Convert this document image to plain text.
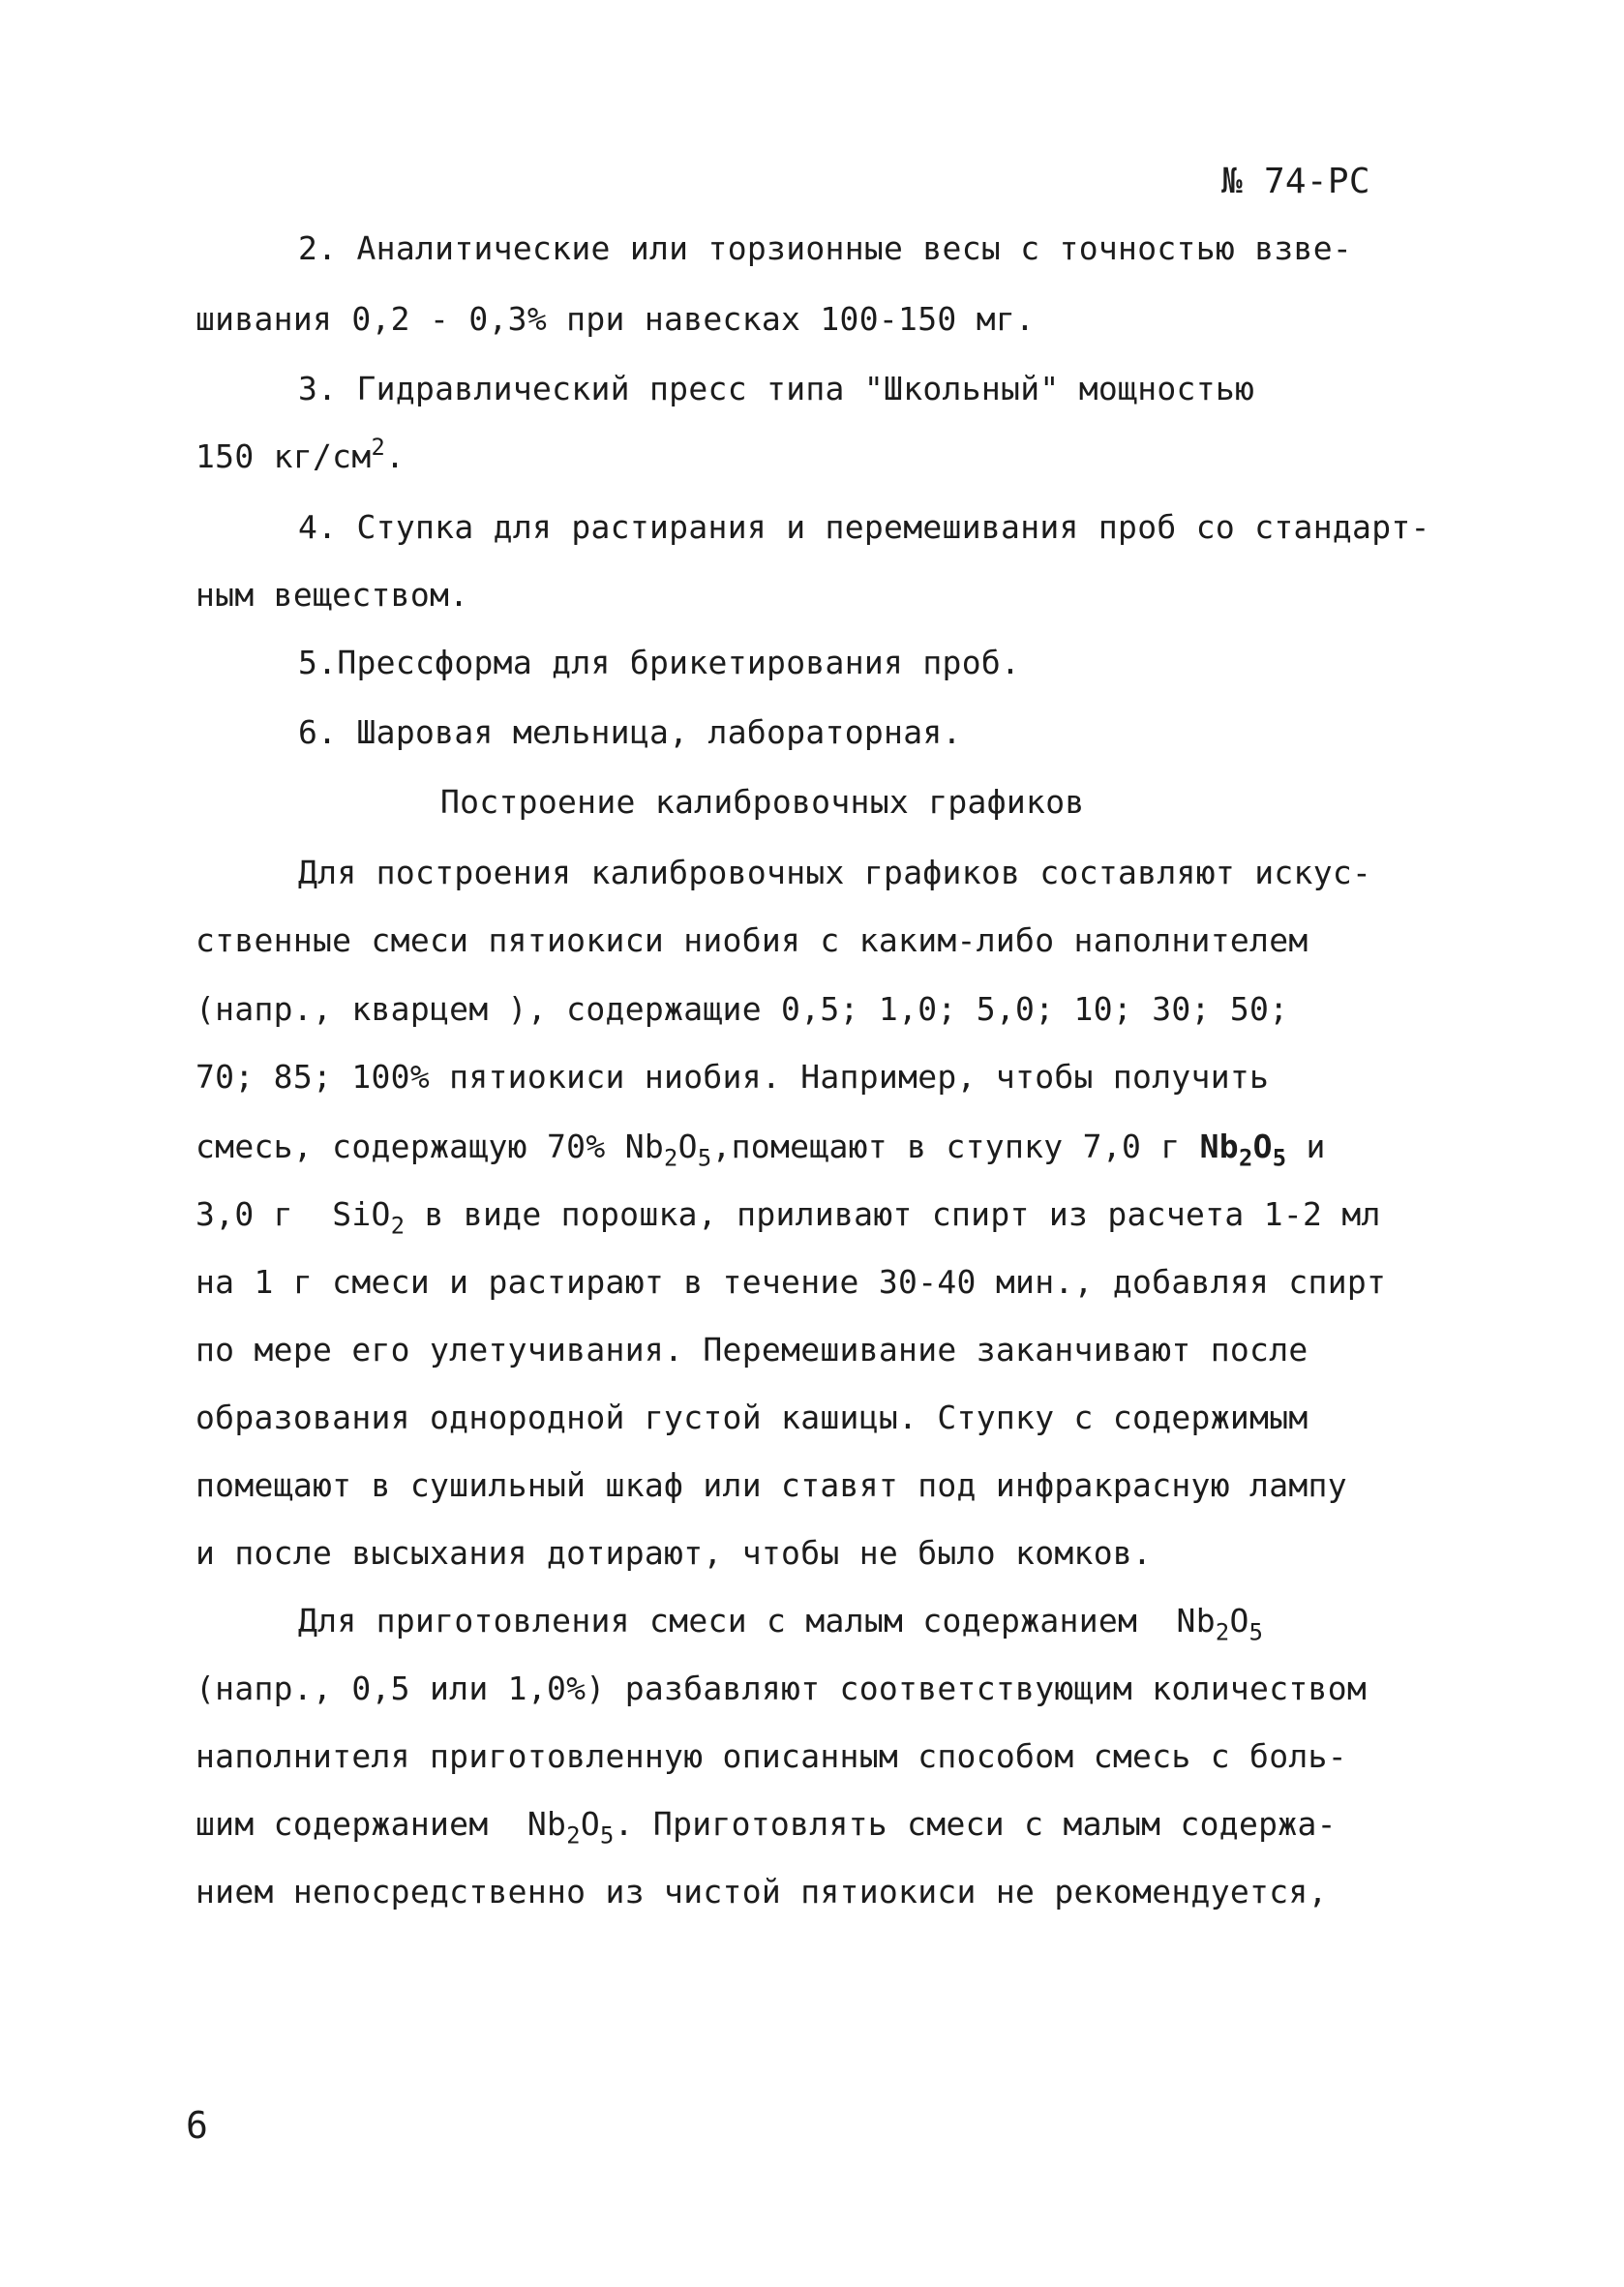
№ 74-РС
2. Аналитические или торзионные весы с точностью взве-
шивания 0,2 - 0,3% при навесках 100-150 мг.
3. Гидравлический пресс типа "Школьный" мощностью
150 $кг/см^2$.
4. Ступка для растирания и перемешивания проб со стандарт-
ным веществом.
5.Прессформа для брикетирования проб.
6. Шаровая мельница, лабораторная.
Построение калибровочных графиков
Для построения калибровочных графиков составляют искус-
ственные смеси пятиокиси ниобия с каким-либо наполнителем
(напр., кварцем ), содержащие 0,5; 1,0; 5,0; 10; 30; 50;
70; 85; 100% пятиокиси ниобия. Например, чтобы получить
смесь, содержащую 70% $Nb_2O_5,помещают$ в ступку 7,0 г $Nb_2O_5$ и
3,0 г  SiO$_2$ в виде порошка, приливают спирт из расчета 1-2 мл
на 1 г смеси и растирают в течение 30-40 мин., добавляя спирт
по мере его улетучивания. Перемешивание заканчивают после
образования однородной густой кашицы. Ступку с содержимым
помещают в сушильный шкаф или ставят под инфракрасную лампу
и после высыхания дотирают, чтобы не было комков.
Для приготовления смеси с малым содержанием  $Nb_2O_5$
(напр., 0,5 или 1,0%) разбавляют соответствующим количеством
наполнителя приготовленную описанным способом смесь с боль-
шим содержанием  $Nb_2O_5$. Приготовлять смеси с малым содержа-
нием непосредственно из чистой пятиокиси не рекомендуется,
6
